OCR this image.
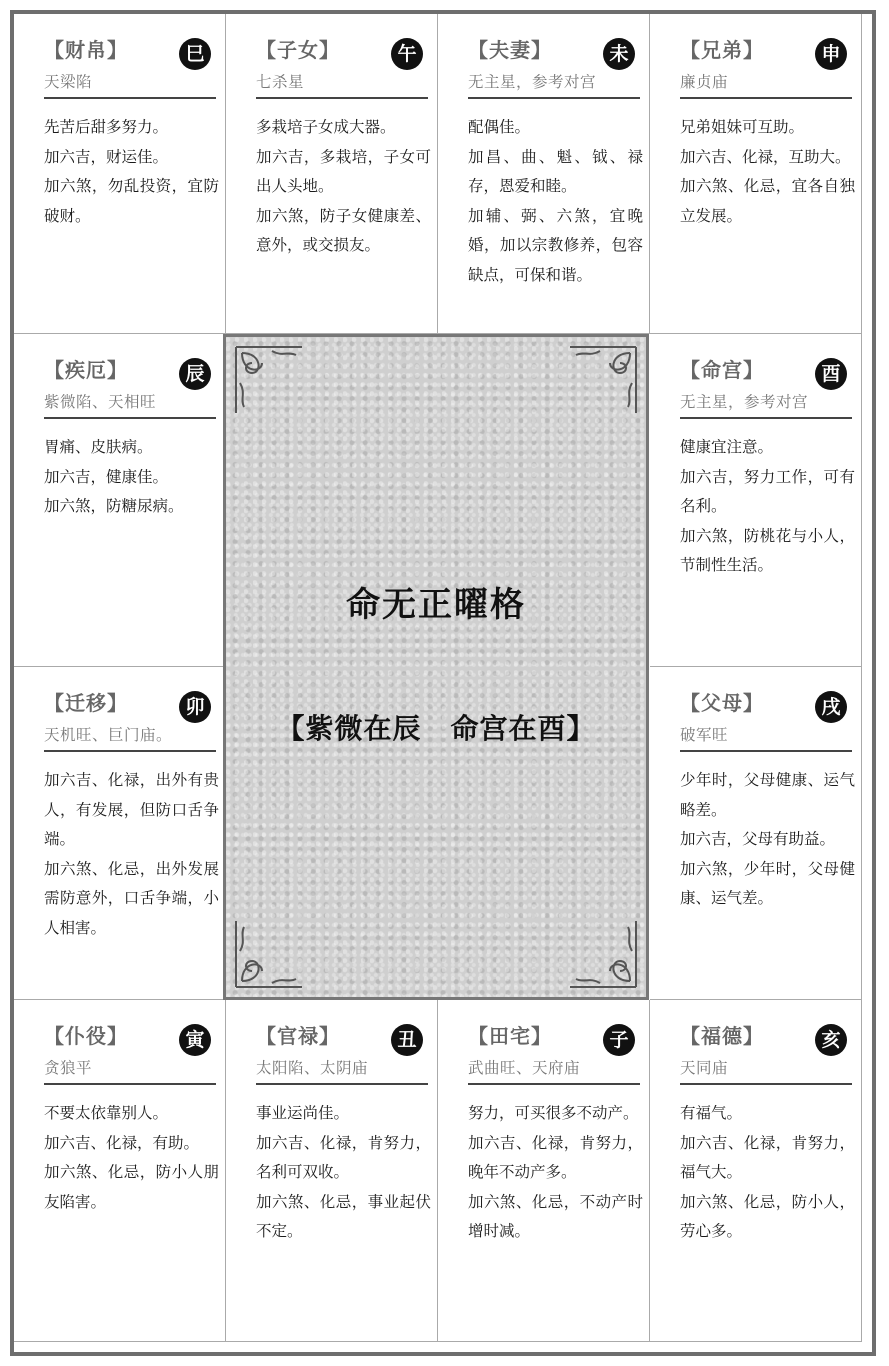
【财帛】	巳
天梁陷

先苦后甜多努力。

加六吉，财运佳。

加六煞，勿乱投资，宜防破财。

【子女】	午
七杀星

多栽培子女成大器。

加六吉，多栽培，子女可出人头地。

加六煞，防子女健康差、意外，或交损友。

【夫妻】	未
无主星，参考对宫

配偶佳。

加昌、曲、魁、钺、禄存，恩爱和睦。

加辅、弼、六煞，宜晚婚，加以宗教修养，包容缺点，可保和谐。

【兄弟】	申
廉贞庙

兄弟姐妹可互助。

加六吉、化禄，互助大。

加六煞、化忌，宜各自独立发展。

【疾厄】	辰
紫微陷、天相旺

胃痛、皮肤病。

加六吉，健康佳。

加六煞，防糖尿病。

【命宫】	酉
无主星，参考对宫

健康宜注意。

加六吉，努力工作，可有名利。

加六煞，防桃花与小人，节制性生活。

【迁移】	卯
天机旺、巨门庙。

加六吉、化禄，出外有贵人，有发展，但防口舌争端。

加六煞、化忌，出外发展需防意外，口舌争端，小人相害。

【父母】	戌
破军旺

少年时，父母健康、运气略差。

加六吉，父母有助益。

加六煞，少年时，父母健康、运气差。

【仆役】	寅
贪狼平

不要太依靠别人。

加六吉、化禄，有助。

加六煞、化忌，防小人朋友陷害。

【官禄】	丑
太阳陷、太阴庙

事业运尚佳。

加六吉、化禄，肯努力，名利可双收。

加六煞、化忌，事业起伏不定。

【田宅】	子
武曲旺、天府庙

努力，可买很多不动产。

加六吉、化禄，肯努力，晚年不动产多。

加六煞、化忌，不动产时增时减。

【福德】	亥
天同庙

有福气。

加六吉、化禄，肯努力，福气大。

加六煞、化忌，防小人，劳心多。

命无正曜格
【紫微在辰　命宫在酉】
